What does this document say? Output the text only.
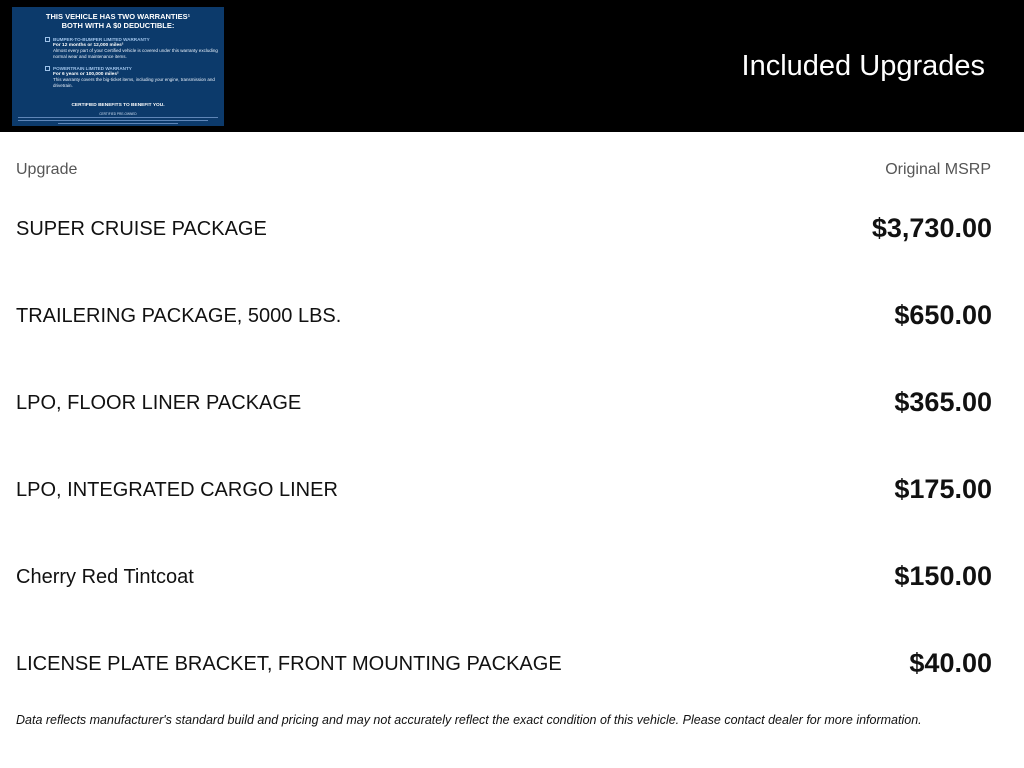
THIS VEHICLE HAS TWO WARRANTIES¹
BOTH WITH A $0 DEDUCTIBLE:
BUMPER-TO-BUMPER LIMITED WARRANTY
For 12 months or 12,000 miles²
Almost every part of your Certified vehicle is covered under this warranty excluding normal wear and maintenance items.
POWERTRAIN LIMITED WARRANTY
For 6 years or 100,000 miles²
This warranty covers the big-ticket items, including your engine, transmission and drivetrain.
CERTIFIED BENEFITS TO BENEFIT YOU.
CERTIFIED PRE-OWNED
Included Upgrades
Upgrade	Original MSRP
SUPER CRUISE PACKAGE	$3,730.00
TRAILERING PACKAGE, 5000 LBS.	$650.00
LPO, FLOOR LINER PACKAGE	$365.00
LPO, INTEGRATED CARGO LINER	$175.00
Cherry Red Tintcoat	$150.00
LICENSE PLATE BRACKET, FRONT MOUNTING PACKAGE	$40.00
Data reflects manufacturer's standard build and pricing and may not accurately reflect the exact condition of this vehicle. Please contact dealer for more information.
